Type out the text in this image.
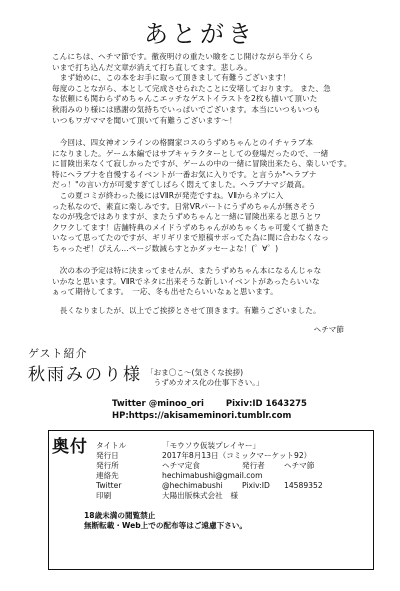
あとがき
こんにちは、ヘチマ節です。徹夜明けの重たい瞼をこじ開けながら半分くら
いまで打ち込んだ文章が消えて打ち直してます。悲しみ。
　まず始めに、この本をお手に取って頂きまして有難うございます！
毎度のことながら、本として完成させられたことに安堵しております。 また、急
な依頼にも関わらずめちゃんこエッチなゲストイラストを2枚も描いて頂いた
秋雨みのり様には感謝の気持ちでいっぱいでございます。本当にいつもいつも
いつもワガママを聞いて頂いて有難うございます～！
　今回は、四女神オンラインの格闘家コスのうずめちゃんとのイチャラブ本
になりました。ゲーム本編ではサブキャラクターとしての登場だったので、一緒
に冒険出来なくて寂しかったですが、ゲームの中の一緒に冒険出来たら、楽しいです。
特にヘラブナを自慢するイベントが一番お気に入りです。と言うか"ヘラブナ
だっ！"の言い方が可愛すぎてしばらく悶えてました。ヘラブナマジ最高。
　この夏コミが終わった後にはVⅡRが発売ですね。VⅡからネプに入
った私なので、素直に楽しみです。日常VRパートにうずめちゃんが無さそう
なのが残念ではありますが、またうずめちゃんと一緒に冒険出来ると思うとワ
クワクしてます！店舗特典のメイドうずめちゃんがめちゃくちゃ可愛くて描きた
いなって思ってたのですが、ギリギリまで原稿サボってた為に間に合わなくなっ
ちゃったぜ！ぴえん...ページ数減らすとかダッセーよな！(゜∀゜)
　次の本の予定は特に決まってませんが、またうずめちゃん本になるんじゃな
いかなと思います。VⅡRでネタに出来そうな新しいイベントがあったらいいな
ぁって期待してます。　一応、冬も出せたらいいなぁと思います。
　長くなりましたが、以上でご挨拶とさせて頂きます。有難うございました。
ヘチマ節
ゲスト紹介
秋雨みのり様 「おま〇こ～(気さくな挨拶)
　うずめカオス化の仕事下さい。」
Twitter @minoo_ori	Pixiv:ID 1643275
HP:https://akisameminori.tumblr.com
奥付 タイトル	「モウソウ仮装プレイヤー」
発行日	2017年8月13日（コミックマーケット92）
発行所	ヘチマ定食	発行者	ヘチマ節
連絡先	hechimabushi@gmail.com
Twitter	@hechimabushi	Pixiv:ID 14589352
印刷	大陽出版株式会社　様
18歳未満の閲覧禁止
無断転載・Web上での配布等はご遠慮下さい。
